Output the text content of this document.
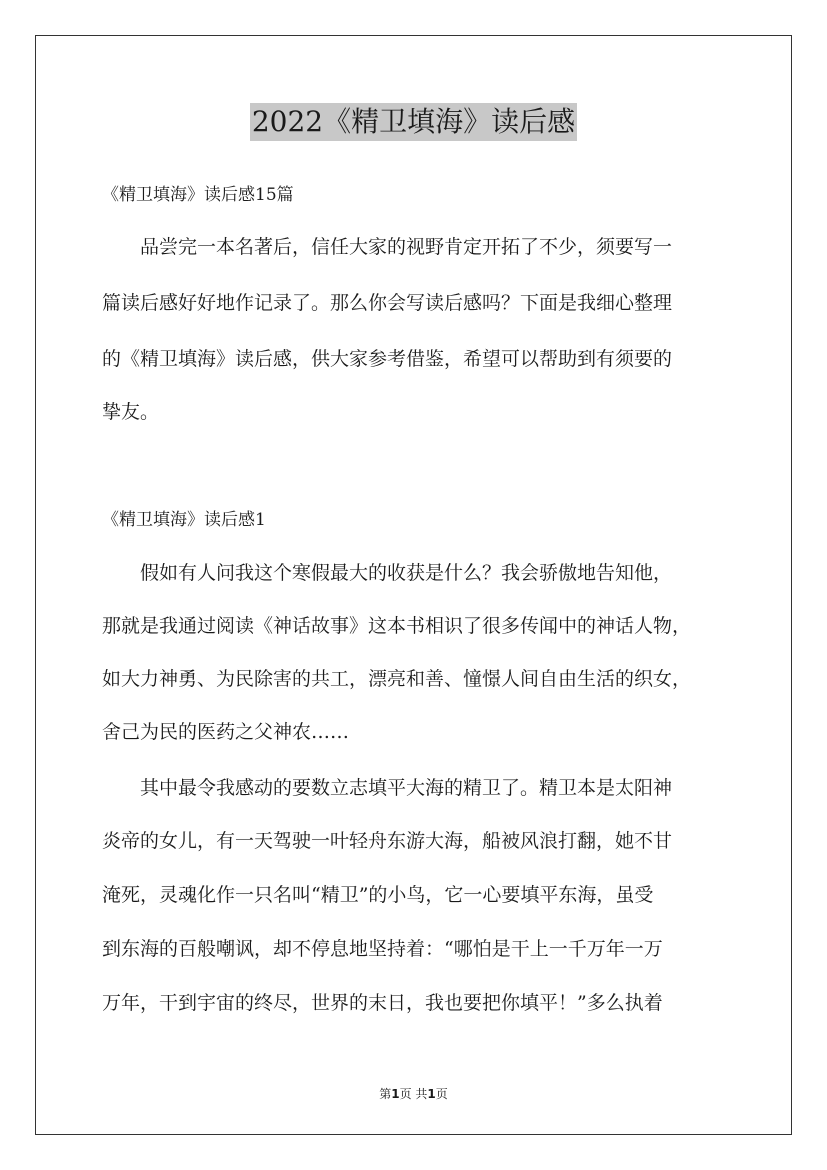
2022《精卫填海》读后感
《精卫填海》读后感15篇
品尝完一本名著后，信任大家的视野肯定开拓了不少，须要写一
篇读后感好好地作记录了。那么你会写读后感吗？下面是我细心整理
的《精卫填海》读后感，供大家参考借鉴，希望可以帮助到有须要的
挚友。
《精卫填海》读后感1
假如有人问我这个寒假最大的收获是什么？我会骄傲地告知他，
那就是我通过阅读《神话故事》这本书相识了很多传闻中的神话人物，
如大力神勇、为民除害的共工，漂亮和善、憧憬人间自由生活的织女，
舍己为民的医药之父神农……
其中最令我感动的要数立志填平大海的精卫了。精卫本是太阳神
炎帝的女儿，有一天驾驶一叶轻舟东游大海，船被风浪打翻，她不甘
淹死，灵魂化作一只名叫“精卫”的小鸟，它一心要填平东海，虽受
到东海的百般嘲讽，却不停息地坚持着：“哪怕是干上一千万年一万
万年，干到宇宙的终尽，世界的末日，我也要把你填平！”多么执着
第1页 共1页
